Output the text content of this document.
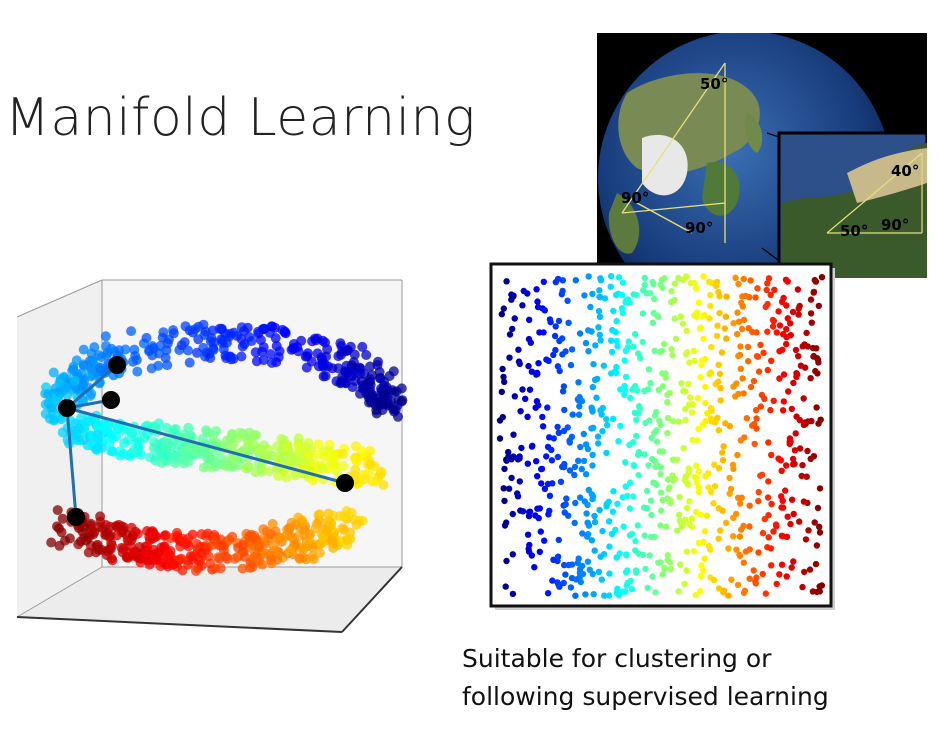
Manifold Learning
50°
90°
90°
40°
90°
50°
Suitable for clustering or
following supervised learning
